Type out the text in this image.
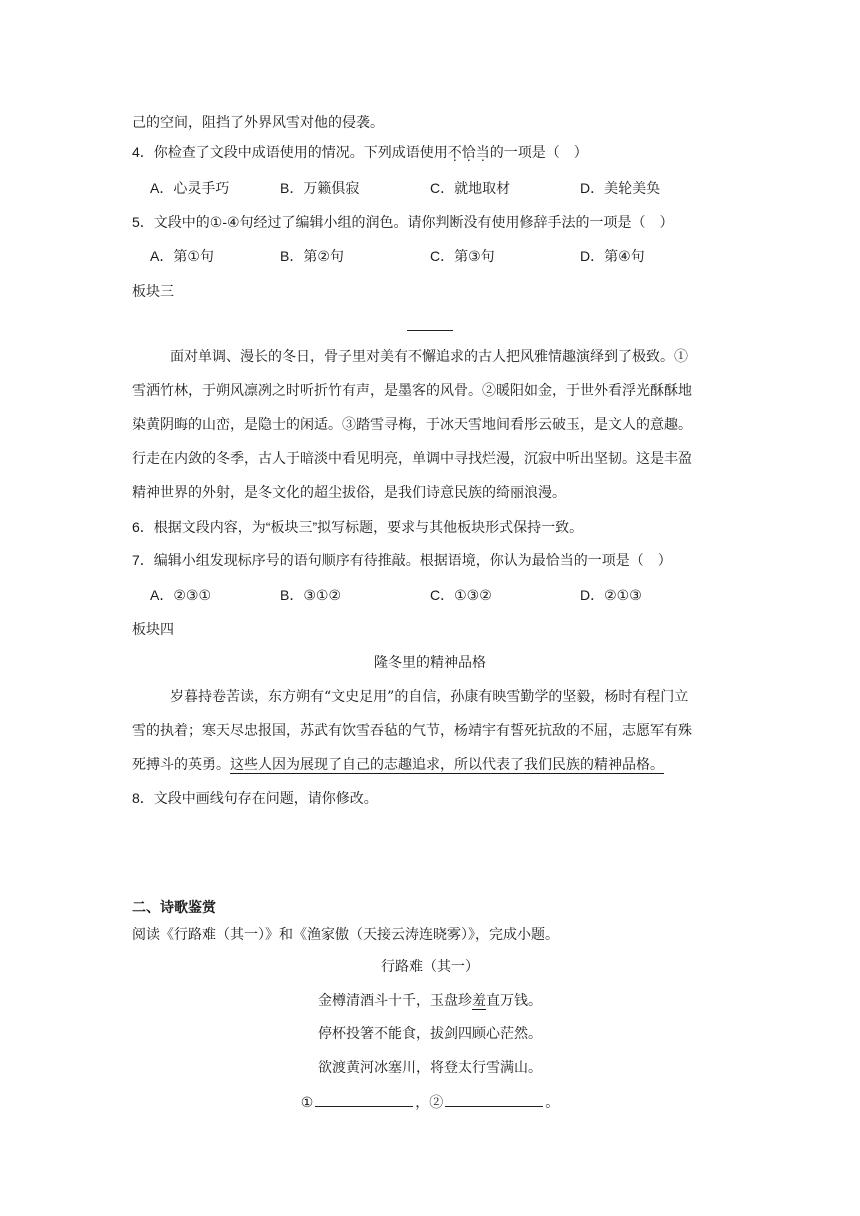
己的空间，阻挡了外界风雪对他的侵袭。
4．你检查了文段中成语使用的情况。下列成语使用不恰当的一项是（　）
A．心灵手巧	B．万籁俱寂	C．就地取材	D．美轮美奂
5．文段中的①-④句经过了编辑小组的润色。请你判断没有使用修辞手法的一项是（　）
A．第①句	B．第②句	C．第③句	D．第④句
板块三
面对单调、漫长的冬日，骨子里对美有不懈追求的古人把风雅情趣演绎到了极致。①
雪洒竹林，于朔风凛冽之时听折竹有声，是墨客的风骨。②暖阳如金，于世外看浮光酥酥地
染黄阴晦的山峦，是隐士的闲适。③踏雪寻梅，于冰天雪地间看彤云破玉，是文人的意趣。
行走在内敛的冬季，古人于暗淡中看见明亮，单调中寻找烂漫，沉寂中听出坚韧。这是丰盈
精神世界的外射，是冬文化的超尘拔俗，是我们诗意民族的绮丽浪漫。
6．根据文段内容，为“板块三”拟写标题，要求与其他板块形式保持一致。
7．编辑小组发现标序号的语句顺序有待推敲。根据语境，你认为最恰当的一项是（　）
A．②③①	B．③①②	C．①③②	D．②①③
板块四
隆冬里的精神品格
岁暮持卷苦读，东方朔有“文史足用”的自信，孙康有映雪勤学的坚毅，杨时有程门立
雪的执着；寒天尽忠报国，苏武有饮雪吞毡的气节，杨靖宇有誓死抗敌的不屈，志愿军有殊
死搏斗的英勇。这些人因为展现了自己的志趣追求，所以代表了我们民族的精神品格。
8．文段中画线句存在问题，请你修改。
二、诗歌鉴赏
阅读《行路难（其一）》和《渔家傲（天接云涛连晓雾）》，完成小题。
行路难（其一）
金樽清酒斗十千，玉盘珍羞直万钱。
停杯投箸不能食，拔剑四顾心茫然。
欲渡黄河冰塞川，将登太行雪满山。
①	，②	。
